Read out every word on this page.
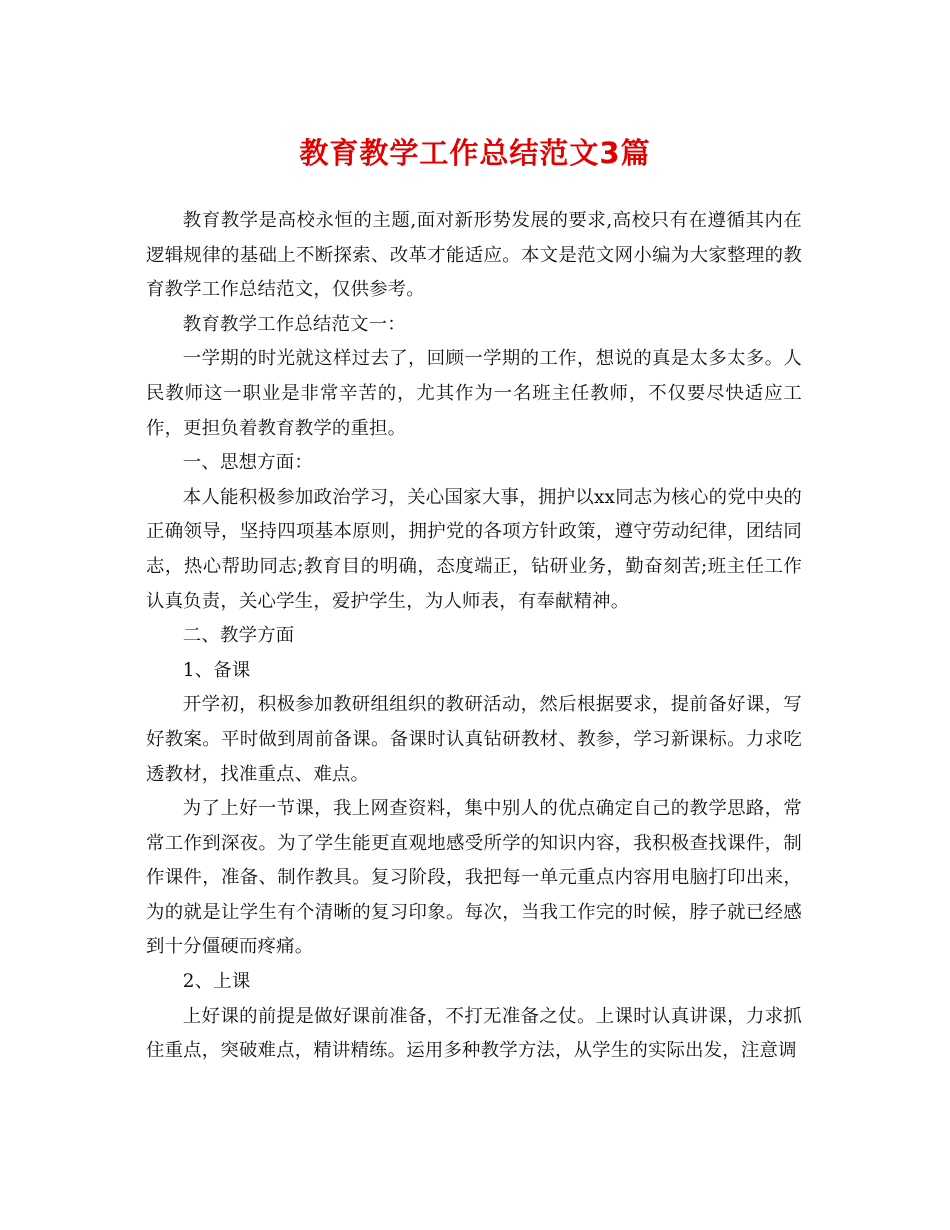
教育教学工作总结范文3篇

教育教学是高校永恒的主题,面对新形势发展的要求,高校只有在遵循其内在逻辑规律的基础上不断探索、改革才能适应。本文是范文网小编为大家整理的教育教学工作总结范文，仅供参考。

教育教学工作总结范文一：

一学期的时光就这样过去了，回顾一学期的工作，想说的真是太多太多。人民教师这一职业是非常辛苦的，尤其作为一名班主任教师，不仅要尽快适应工作，更担负着教育教学的重担。

一、思想方面：

本人能积极参加政治学习，关心国家大事，拥护以xx同志为核心的党中央的正确领导，坚持四项基本原则，拥护党的各项方针政策，遵守劳动纪律，团结同志，热心帮助同志;教育目的明确，态度端正，钻研业务，勤奋刻苦;班主任工作认真负责，关心学生，爱护学生，为人师表，有奉献精神。

二、教学方面

1、备课

开学初，积极参加教研组组织的教研活动，然后根据要求，提前备好课，写好教案。平时做到周前备课。备课时认真钻研教材、教参，学习新课标。力求吃透教材，找准重点、难点。

为了上好一节课，我上网查资料，集中别人的优点确定自己的教学思路，常常工作到深夜。为了学生能更直观地感受所学的知识内容，我积极查找课件，制作课件，准备、制作教具。复习阶段，我把每一单元重点内容用电脑打印出来，为的就是让学生有个清晰的复习印象。每次，当我工作完的时候，脖子就已经感到十分僵硬而疼痛。

2、上课

上好课的前提是做好课前准备，不打无准备之仗。上课时认真讲课，力求抓住重点，突破难点，精讲精练。运用多种教学方法，从学生的实际出发，注意调
